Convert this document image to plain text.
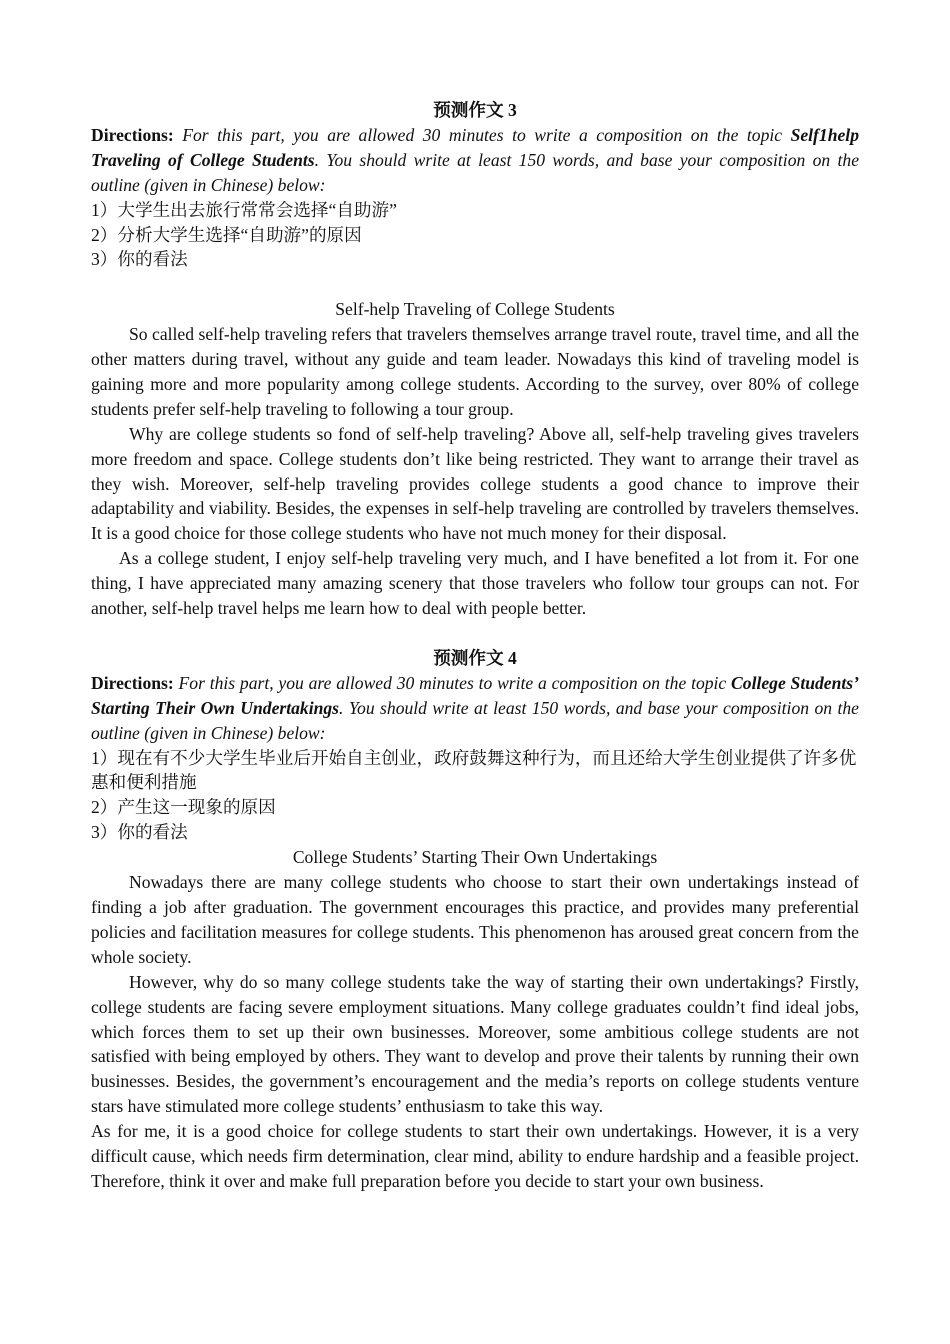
预测作文 3

Directions: For this part, you are allowed 30 minutes to write a composition on the topic Self1help Traveling of College Students. You should write at least 150 words, and base your composition on the outline (given in Chinese) below:

1）大学生出去旅行常常会选择“自助游”
2）分析大学生选择“自助游”的原因
3）你的看法
Self-help Traveling of College Students

So called self-help traveling refers that travelers themselves arrange travel route, travel time, and all the other matters during travel, without any guide and team leader. Nowadays this kind of traveling model is gaining more and more popularity among college students. According to the survey, over 80% of college students prefer self-help traveling to following a tour group.

Why are college students so fond of self-help traveling? Above all, self-help traveling gives travelers more freedom and space. College students don’t like being restricted. They want to arrange their travel as they wish. Moreover, self-help traveling provides college students a good chance to improve their adaptability and viability. Besides, the expenses in self-help traveling are controlled by travelers themselves. It is a good choice for those college students who have not much money for their disposal.

As a college student, I enjoy self-help traveling very much, and I have benefited a lot from it. For one thing, I have appreciated many amazing scenery that those travelers who follow tour groups can not. For another, self-help travel helps me learn how to deal with people better.

预测作文 4

Directions: For this part, you are allowed 30 minutes to write a composition on the topic College Students’ Starting Their Own Undertakings. You should write at least 150 words, and base your composition on the outline (given in Chinese) below:

1）现在有不少大学生毕业后开始自主创业，政府鼓舞这种行为，而且还给大学生创业提供了许多优惠和便利措施
2）产生这一现象的原因
3）你的看法
College Students’ Starting Their Own Undertakings

Nowadays there are many college students who choose to start their own undertakings instead of finding a job after graduation. The government encourages this practice, and provides many preferential policies and facilitation measures for college students. This phenomenon has aroused great concern from the whole society.

However, why do so many college students take the way of starting their own undertakings? Firstly, college students are facing severe employment situations. Many college graduates couldn’t find ideal jobs, which forces them to set up their own businesses. Moreover, some ambitious college students are not satisfied with being employed by others. They want to develop and prove their talents by running their own businesses. Besides, the government’s encouragement and the media’s reports on college students venture stars have stimulated more college students’ enthusiasm to take this way.

As for me, it is a good choice for college students to start their own undertakings. However, it is a very difficult cause, which needs firm determination, clear mind, ability to endure hardship and a feasible project. Therefore, think it over and make full preparation before you decide to start your own business.
